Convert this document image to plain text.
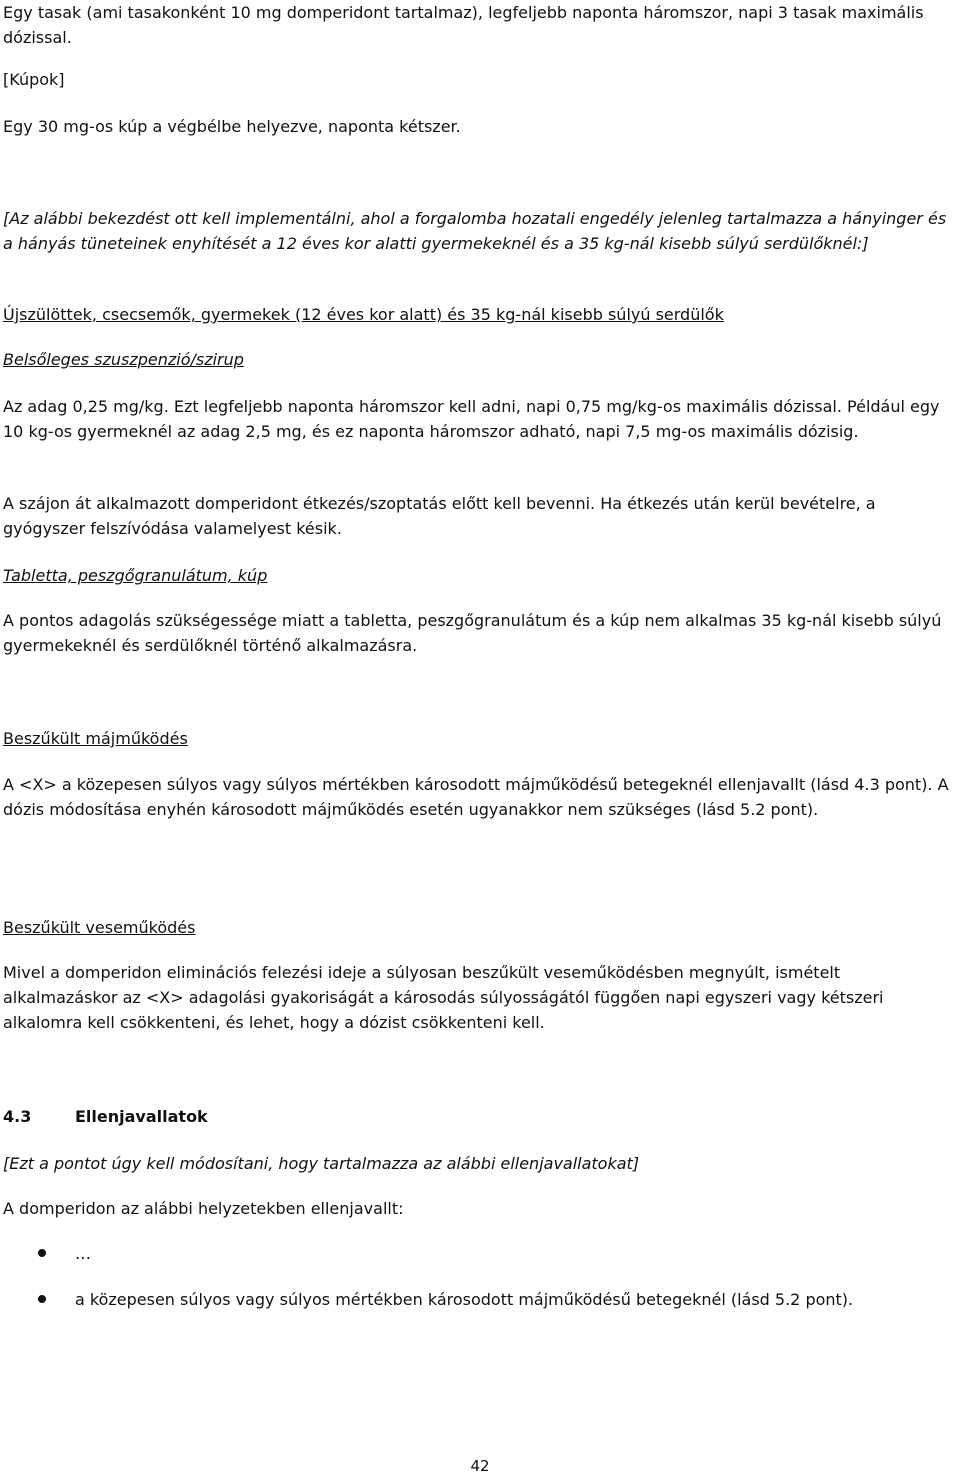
Egy tasak (ami tasakonként 10 mg domperidont tartalmaz), legfeljebb naponta háromszor, napi 3 tasak maximális dózissal.

[Kúpok]

Egy 30 mg-os kúp a végbélbe helyezve, naponta kétszer.

[Az alábbi bekezdést ott kell implementálni, ahol a forgalomba hozatali engedély jelenleg tartalmazza a hányinger és a hányás tüneteinek enyhítését a 12 éves kor alatti gyermekeknél és a 35 kg-nál kisebb súlyú serdülőknél:]

Újszülöttek, csecsemők, gyermekek (12 éves kor alatt) és 35 kg-nál kisebb súlyú serdülők

Belsőleges szuszpenzió/szirup

Az adag 0,25 mg/kg. Ezt legfeljebb naponta háromszor kell adni, napi 0,75 mg/kg-os maximális dózissal. Például egy 10 kg-os gyermeknél az adag 2,5 mg, és ez naponta háromszor adható, napi 7,5 mg-os maximális dózisig.

A szájon át alkalmazott domperidont étkezés/szoptatás előtt kell bevenni. Ha étkezés után kerül bevételre, a gyógyszer felszívódása valamelyest késik.

Tabletta, peszgőgranulátum, kúp

A pontos adagolás szükségessége miatt a tabletta, peszgőgranulátum és a kúp nem alkalmas 35 kg-nál kisebb súlyú gyermekeknél és serdülőknél történő alkalmazásra.

Beszűkült májműködés

A <X> a közepesen súlyos vagy súlyos mértékben károsodott májműködésű betegeknél ellenjavallt (lásd 4.3 pont). A dózis módosítása enyhén károsodott májműködés esetén ugyanakkor nem szükséges (lásd 5.2 pont).

Beszűkült veseműködés

Mivel a domperidon eliminációs felezési ideje a súlyosan beszűkült veseműködésben megnyúlt, ismételt alkalmazáskor az <X> adagolási gyakoriságát a károsodás súlyosságától függően napi egyszeri vagy kétszeri alkalomra kell csökkenteni, és lehet, hogy a dózist csökkenteni kell.

4.3	Ellenjavallatok

[Ezt a pontot úgy kell módosítani, hogy tartalmazza az alábbi ellenjavallatokat]

A domperidon az alábbi helyzetekben ellenjavallt:

…
a közepesen súlyos vagy súlyos mértékben károsodott májműködésű betegeknél (lásd 5.2 pont).
42
